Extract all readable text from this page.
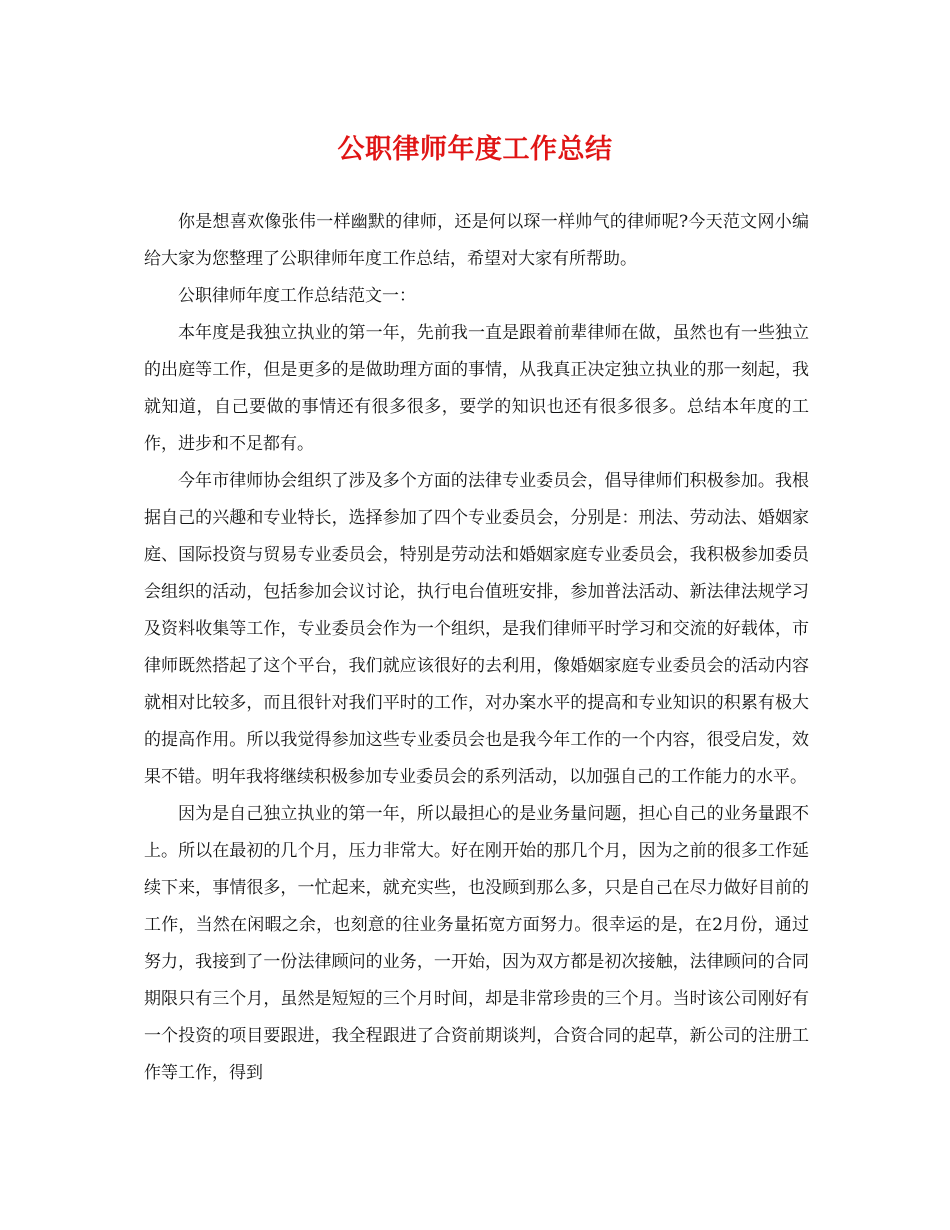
公职律师年度工作总结

你是想喜欢像张伟一样幽默的律师，还是何以琛一样帅气的律师呢?今天范文网小编给大家为您整理了公职律师年度工作总结，希望对大家有所帮助。

公职律师年度工作总结范文一：

本年度是我独立执业的第一年，先前我一直是跟着前辈律师在做，虽然也有一些独立的出庭等工作，但是更多的是做助理方面的事情，从我真正决定独立执业的那一刻起，我就知道，自己要做的事情还有很多很多，要学的知识也还有很多很多。总结本年度的工作，进步和不足都有。

今年市律师协会组织了涉及多个方面的法律专业委员会，倡导律师们积极参加。我根据自己的兴趣和专业特长，选择参加了四个专业委员会，分别是：刑法、劳动法、婚姻家庭、国际投资与贸易专业委员会，特别是劳动法和婚姻家庭专业委员会，我积极参加委员会组织的活动，包括参加会议讨论，执行电台值班安排，参加普法活动、新法律法规学习及资料收集等工作，专业委员会作为一个组织，是我们律师平时学习和交流的好载体，市律师既然搭起了这个平台，我们就应该很好的去利用，像婚姻家庭专业委员会的活动内容就相对比较多，而且很针对我们平时的工作，对办案水平的提高和专业知识的积累有极大的提高作用。所以我觉得参加这些专业委员会也是我今年工作的一个内容，很受启发，效果不错。明年我将继续积极参加专业委员会的系列活动，以加强自己的工作能力的水平。

因为是自己独立执业的第一年，所以最担心的是业务量问题，担心自己的业务量跟不上。所以在最初的几个月，压力非常大。好在刚开始的那几个月，因为之前的很多工作延续下来，事情很多，一忙起来，就充实些，也没顾到那么多，只是自己在尽力做好目前的工作，当然在闲暇之余，也刻意的往业务量拓宽方面努力。很幸运的是，在2月份，通过努力，我接到了一份法律顾问的业务，一开始，因为双方都是初次接触，法律顾问的合同期限只有三个月，虽然是短短的三个月时间，却是非常珍贵的三个月。当时该公司刚好有一个投资的项目要跟进，我全程跟进了合资前期谈判，合资合同的起草，新公司的注册工作等工作，得到
